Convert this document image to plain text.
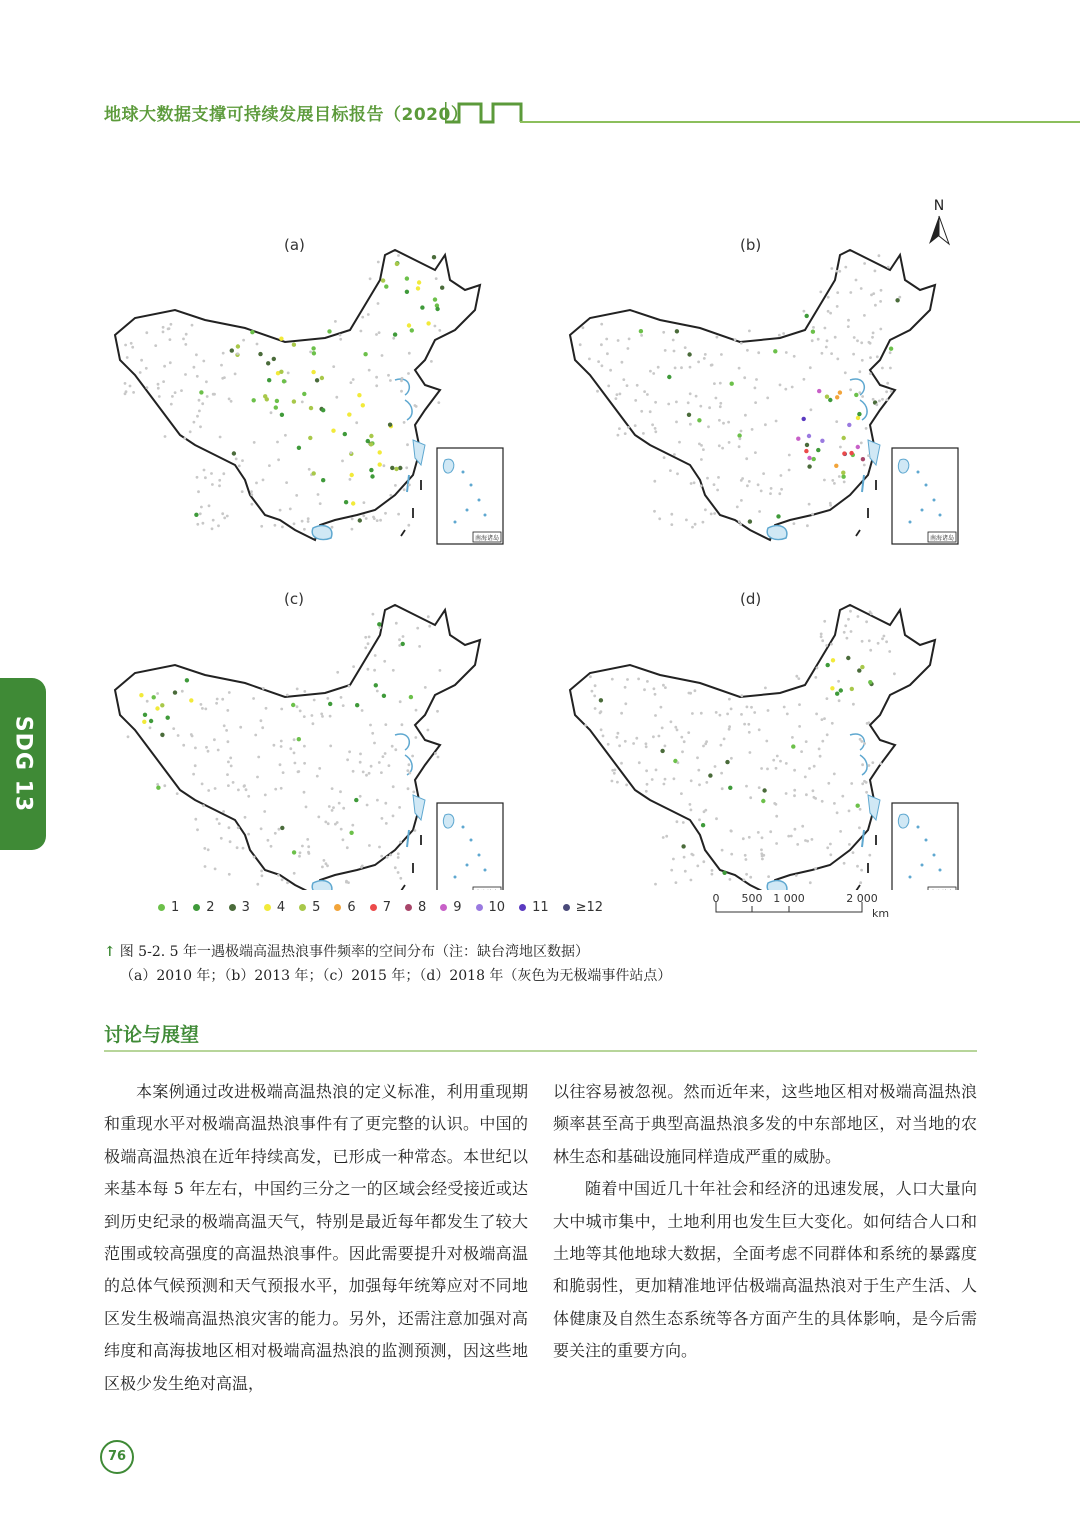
地球大数据支撑可持续发展目标报告（2020）
SDG 13
N
(a)	(b)
(c)	(d)
1 2 3 4 5 6 7 8 9 10 11 ≥12
0 500 1 000	2 000
km
↑ 图 5-2. 5 年一遇极端高温热浪事件频率的空间分布（注：缺台湾地区数据）
（a）2010 年；（b）2013 年；（c）2015 年；（d）2018 年（灰色为无极端事件站点）
讨论与展望

本案例通过改进极端高温热浪的定义标准，利用重现期和重现水平对极端高温热浪事件有了更完整的认识。中国的极端高温热浪在近年持续高发，已形成一种常态。本世纪以来基本每 5 年左右，中国约三分之一的区域会经受接近或达到历史纪录的极端高温天气，特别是最近每年都发生了较大范围或较高强度的高温热浪事件。因此需要提升对极端高温的总体气候预测和天气预报水平，加强每年统筹应对不同地区发生极端高温热浪灾害的能力。另外，还需注意加强对高纬度和高海拔地区相对极端高温热浪的监测预测，因这些地区极少发生绝对高温，

以往容易被忽视。然而近年来，这些地区相对极端高温热浪频率甚至高于典型高温热浪多发的中东部地区，对当地的农林生态和基础设施同样造成严重的威胁。

随着中国近几十年社会和经济的迅速发展，人口大量向大中城市集中，土地利用也发生巨大变化。如何结合人口和土地等其他地球大数据，全面考虑不同群体和系统的暴露度和脆弱性，更加精准地评估极端高温热浪对于生产生活、人体健康及自然生态系统等各方面产生的具体影响，是今后需要关注的重要方向。

76
